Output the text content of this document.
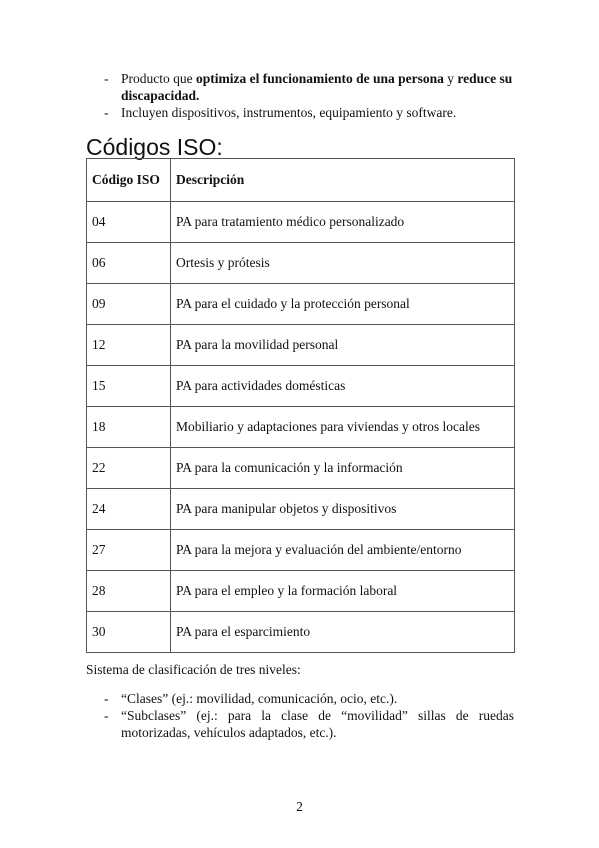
- Producto que optimiza el funcionamiento de una persona y reduce su discapacidad.
- Incluyen dispositivos, instrumentos, equipamiento y software.
Códigos ISO:
Código ISO	Descripción
04	PA para tratamiento médico personalizado
06	Ortesis y prótesis
09	PA para el cuidado y la protección personal
12	PA para la movilidad personal
15	PA para actividades domésticas
18	Mobiliario y adaptaciones para viviendas y otros locales
22	PA para la comunicación y la información
24	PA para manipular objetos y dispositivos
27	PA para la mejora y evaluación del ambiente/entorno
28	PA para el empleo y la formación laboral
30	PA para el esparcimiento
Sistema de clasificación de tres niveles:
- “Clases” (ej.: movilidad, comunicación, ocio, etc.).
- “Subclases” (ej.: para la clase de “movilidad” sillas de ruedas motorizadas, vehículos adaptados, etc.).
2
